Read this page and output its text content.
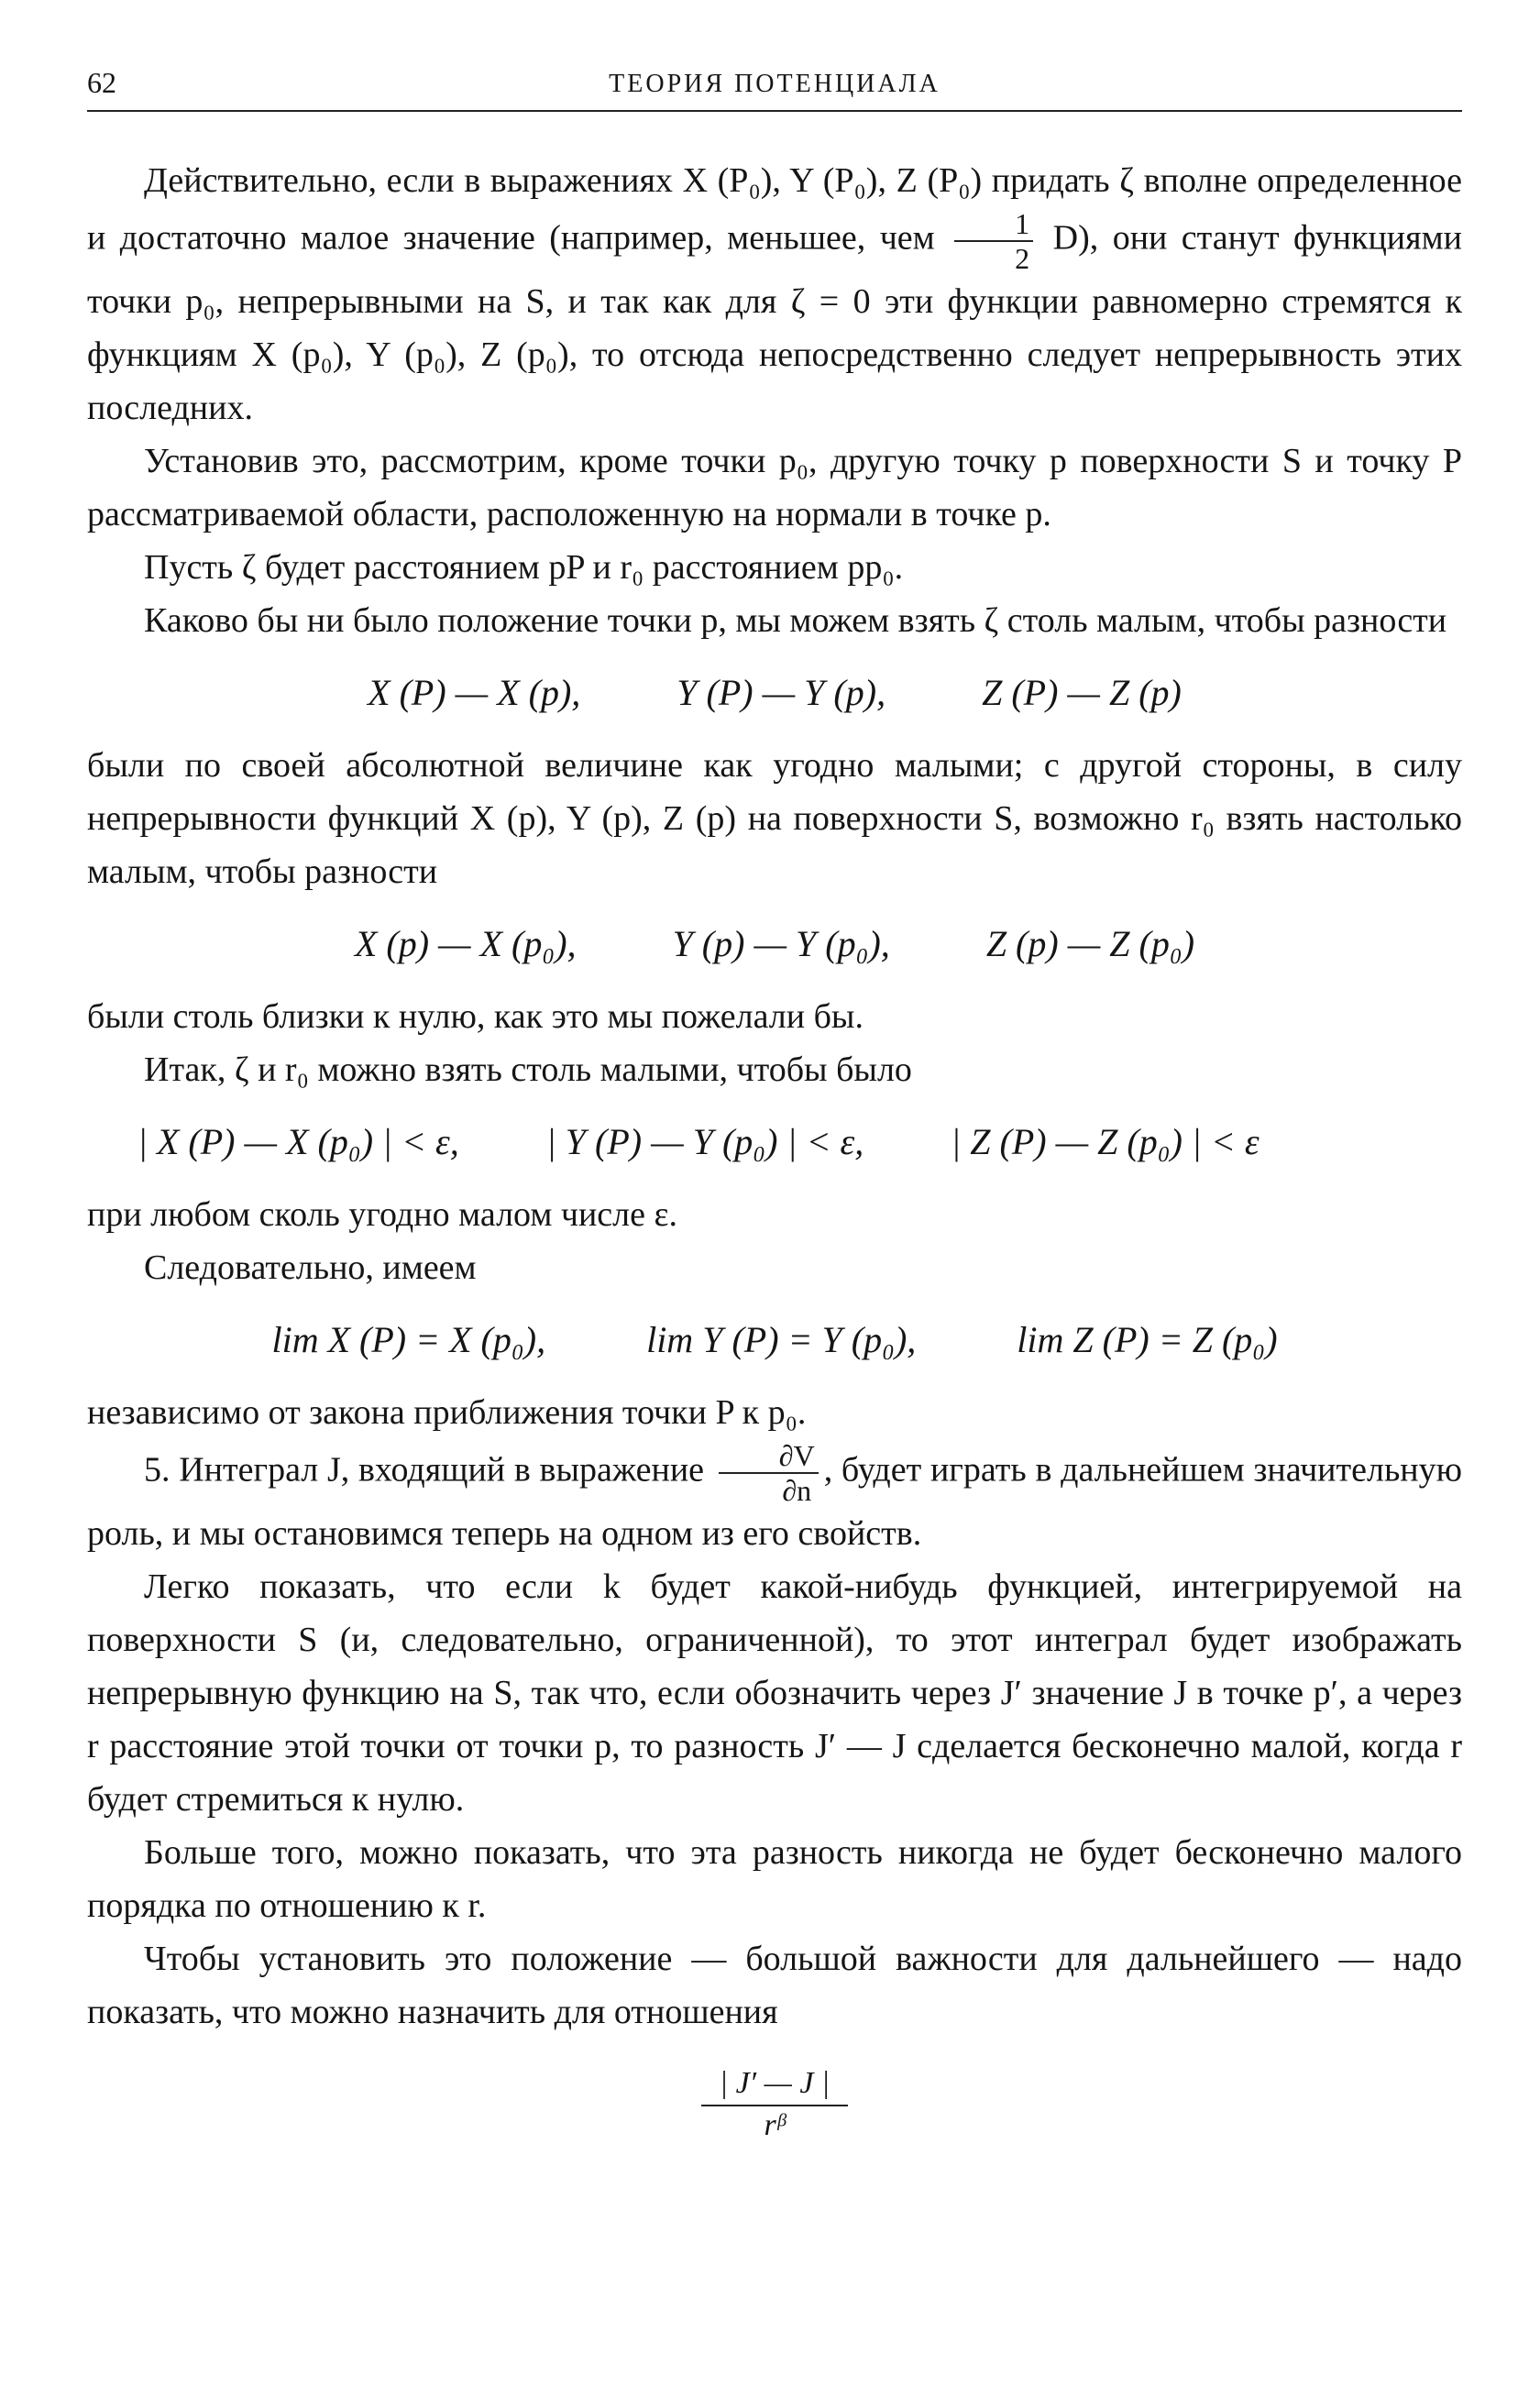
62	ТЕОРИЯ ПОТЕНЦИАЛА

Действительно, если в выражениях X (P₀), Y (P₀), Z (P₀) придать ζ вполне определенное и достаточно малое значение (например, меньшее, чем $\frac{1}{2} D$), они станут функциями точки p₀, непрерывными на S, и так как для ζ = 0 эти функции равномерно стремятся к функциям X (p₀), Y (p₀), Z (p₀), то отсюда непосредственно следует непрерывность этих последних.

Установив это, рассмотрим, кроме точки p₀, другую точку p поверхности S и точку P рассматриваемой области, расположенную на нормали в точке p.

Пусть ζ будет расстоянием pP и r₀ расстоянием pp₀.

Каково бы ни было положение точки p, мы можем взять ζ столь малым, чтобы разности

X (P) — X (p),	Y (P) — Y (p),	Z (P) — Z (p)

были по своей абсолютной величине как угодно малыми; с другой стороны, в силу непрерывности функций X (p), Y (p), Z (p) на поверхности S, возможно r₀ взять настолько малым, чтобы разности

X (p) — X (p₀),	Y (p) — Y (p₀),	Z (p) — Z (p₀)

были столь близки к нулю, как это мы пожелали бы.

Итак, ζ и r₀ можно взять столь малыми, чтобы было

| X (P) — X (p₀) | < ε, | Y (P) — Y (p₀) | < ε, | Z (P) — Z (p₀) | < ε

при любом сколь угодно малом числе ε.

Следовательно, имеем

lim X (P) = X (p₀),	lim Y (P) = Y (p₀),	lim Z (P) = Z (p₀)

независимо от закона приближения точки P к p₀.

5. Интеграл J, входящий в выражение $\frac{\partial V}{\partial n}$ , будет играть в дальнейшем значительную роль, и мы остановимся теперь на одном из его свойств.

Легко показать, что если k будет какой-нибудь функцией, интегрируемой на поверхности S (и, следовательно, ограниченной), то этот интеграл будет изображать непрерывную функцию на S, так что, если обозначить через J′ значение J в точке p′, а через r расстояние этой точки от точки p, то разность J′ — J сделается бесконечно малой, когда r будет стремиться к нулю.

Больше того, можно показать, что эта разность никогда не будет бесконечно малого порядка по отношению к r.

Чтобы установить это положение — большой важности для дальнейшего — надо показать, что можно назначить для отношения

| J′ — J |
rᵝ
